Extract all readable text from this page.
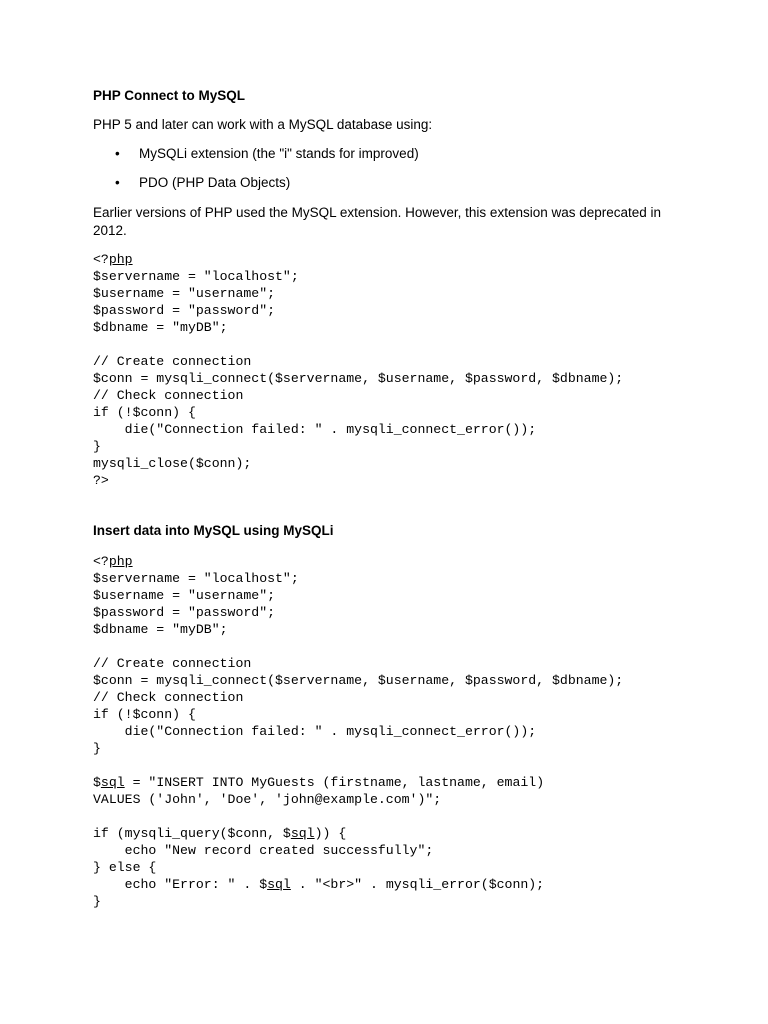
PHP Connect to MySQL

PHP 5 and later can work with a MySQL database using:

• MySQLi extension (the "i" stands for improved)
• PDO (PHP Data Objects)

Earlier versions of PHP used the MySQL extension. However, this extension was deprecated in 2012.

<?php
$servername = "localhost";
$username = "username";
$password = "password";
$dbname = "myDB";

// Create connection
$conn = mysqli_connect($servername, $username, $password, $dbname);
// Check connection
if (!$conn) {
die("Connection failed: " . mysqli_connect_error());
}
mysqli_close($conn);
?>
Insert data into MySQL using MySQLi
<?php
$servername = "localhost";
$username = "username";
$password = "password";
$dbname = "myDB";

// Create connection
$conn = mysqli_connect($servername, $username, $password, $dbname);
// Check connection
if (!$conn) {
die("Connection failed: " . mysqli_connect_error());
}

$sql = "INSERT INTO MyGuests (firstname, lastname, email)
VALUES ('John', 'Doe', 'john@example.com')";

if (mysqli_query($conn, $sql)) {
echo "New record created successfully";
} else {
echo "Error: " . $sql . "<br>" . mysqli_error($conn);
}
